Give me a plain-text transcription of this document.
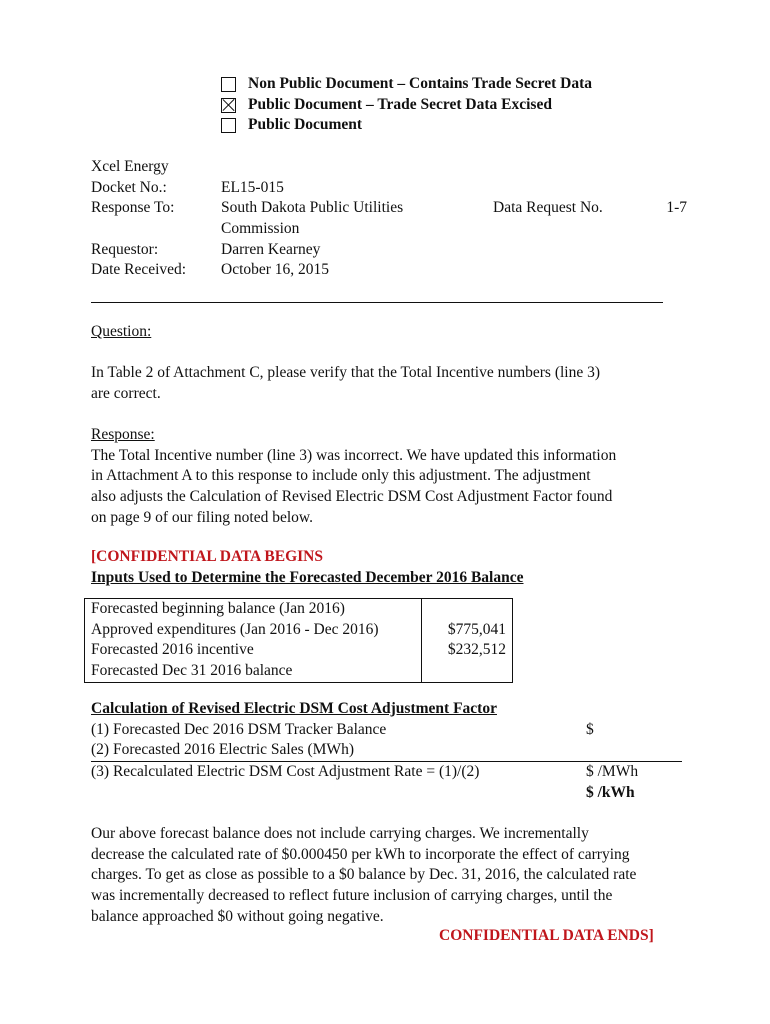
Non Public Document – Contains Trade Secret Data
Public Document – Trade Secret Data Excised
Public Document
Xcel Energy
Docket No.:	EL15-015
Response To:	South Dakota Public Utilities	Data Request No.	1-7
Commission
Requestor:	Darren Kearney
Date Received:	October 16, 2015
Question:
In Table 2 of Attachment C, please verify that the Total Incentive numbers (line 3)
are correct.
Response:
The Total Incentive number (line 3) was incorrect. We have updated this information
in Attachment A to this response to include only this adjustment. The adjustment
also adjusts the Calculation of Revised Electric DSM Cost Adjustment Factor found
on page 9 of our filing noted below.
[CONFIDENTIAL DATA BEGINS
Inputs Used to Determine the Forecasted December 2016 Balance
Forecasted beginning balance (Jan 2016)	
Approved expenditures (Jan 2016 - Dec 2016)	$775,041
Forecasted 2016 incentive	$232,512
Forecasted Dec 31 2016 balance	
Calculation of Revised Electric DSM Cost Adjustment Factor
(1) Forecasted Dec 2016 DSM Tracker Balance	$
(2) Forecasted 2016 Electric Sales (MWh)
(3) Recalculated Electric DSM Cost Adjustment Rate = (1)/(2)	$ /MWh
$ /kWh
Our above forecast balance does not include carrying charges. We incrementally
decrease the calculated rate of $0.000450 per kWh to incorporate the effect of carrying
charges. To get as close as possible to a $0 balance by Dec. 31, 2016, the calculated rate
was incrementally decreased to reflect future inclusion of carrying charges, until the
balance approached $0 without going negative.
CONFIDENTIAL DATA ENDS]
